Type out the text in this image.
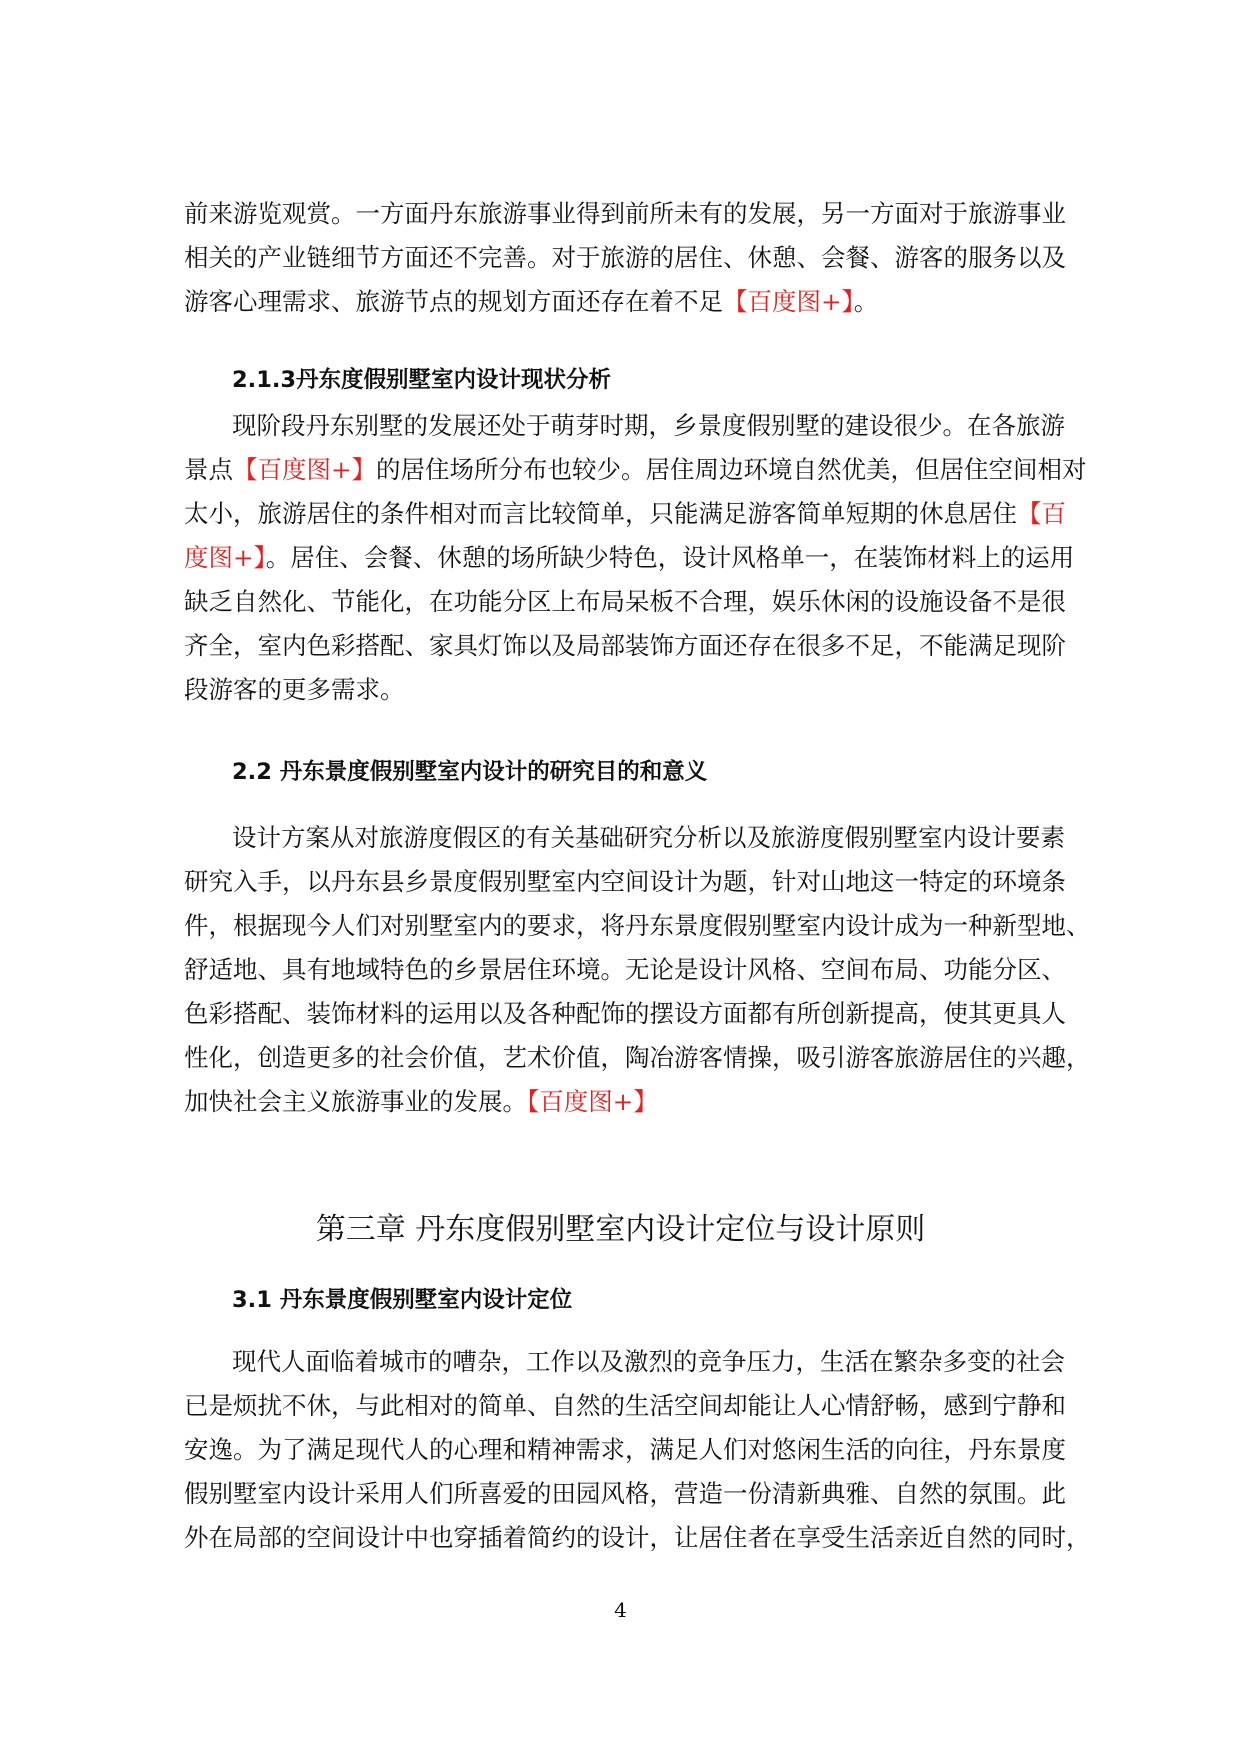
前来游览观赏。一方面丹东旅游事业得到前所未有的发展，另一方面对于旅游事业
相关的产业链细节方面还不完善。对于旅游的居住、休憩、会餐、游客的服务以及
游客心理需求、旅游节点的规划方面还存在着不足【百度图+】。
2.1.3丹东度假别墅室内设计现状分析
现阶段丹东别墅的发展还处于萌芽时期，乡景度假别墅的建设很少。在各旅游
景点【百度图+】的居住场所分布也较少。居住周边环境自然优美，但居住空间相对
太小，旅游居住的条件相对而言比较简单，只能满足游客简单短期的休息居住【百
度图+】。居住、会餐、休憩的场所缺少特色，设计风格单一，在装饰材料上的运用
缺乏自然化、节能化，在功能分区上布局呆板不合理，娱乐休闲的设施设备不是很
齐全，室内色彩搭配、家具灯饰以及局部装饰方面还存在很多不足，不能满足现阶
段游客的更多需求。
2.2 丹东景度假别墅室内设计的研究目的和意义
设计方案从对旅游度假区的有关基础研究分析以及旅游度假别墅室内设计要素
研究入手，以丹东县乡景度假别墅室内空间设计为题，针对山地这一特定的环境条
件，根据现今人们对别墅室内的要求，将丹东景度假别墅室内设计成为一种新型地、
舒适地、具有地域特色的乡景居住环境。无论是设计风格、空间布局、功能分区、
色彩搭配、装饰材料的运用以及各种配饰的摆设方面都有所创新提高，使其更具人
性化，创造更多的社会价值，艺术价值，陶冶游客情操，吸引游客旅游居住的兴趣，
加快社会主义旅游事业的发展。【百度图+】
第三章 丹东度假别墅室内设计定位与设计原则
3.1 丹东景度假别墅室内设计定位
现代人面临着城市的嘈杂，工作以及激烈的竞争压力，生活在繁杂多变的社会
已是烦扰不休，与此相对的简单、自然的生活空间却能让人心情舒畅，感到宁静和
安逸。为了满足现代人的心理和精神需求，满足人们对悠闲生活的向往，丹东景度
假别墅室内设计采用人们所喜爱的田园风格，营造一份清新典雅、自然的氛围。此
外在局部的空间设计中也穿插着简约的设计，让居住者在享受生活亲近自然的同时，
4
